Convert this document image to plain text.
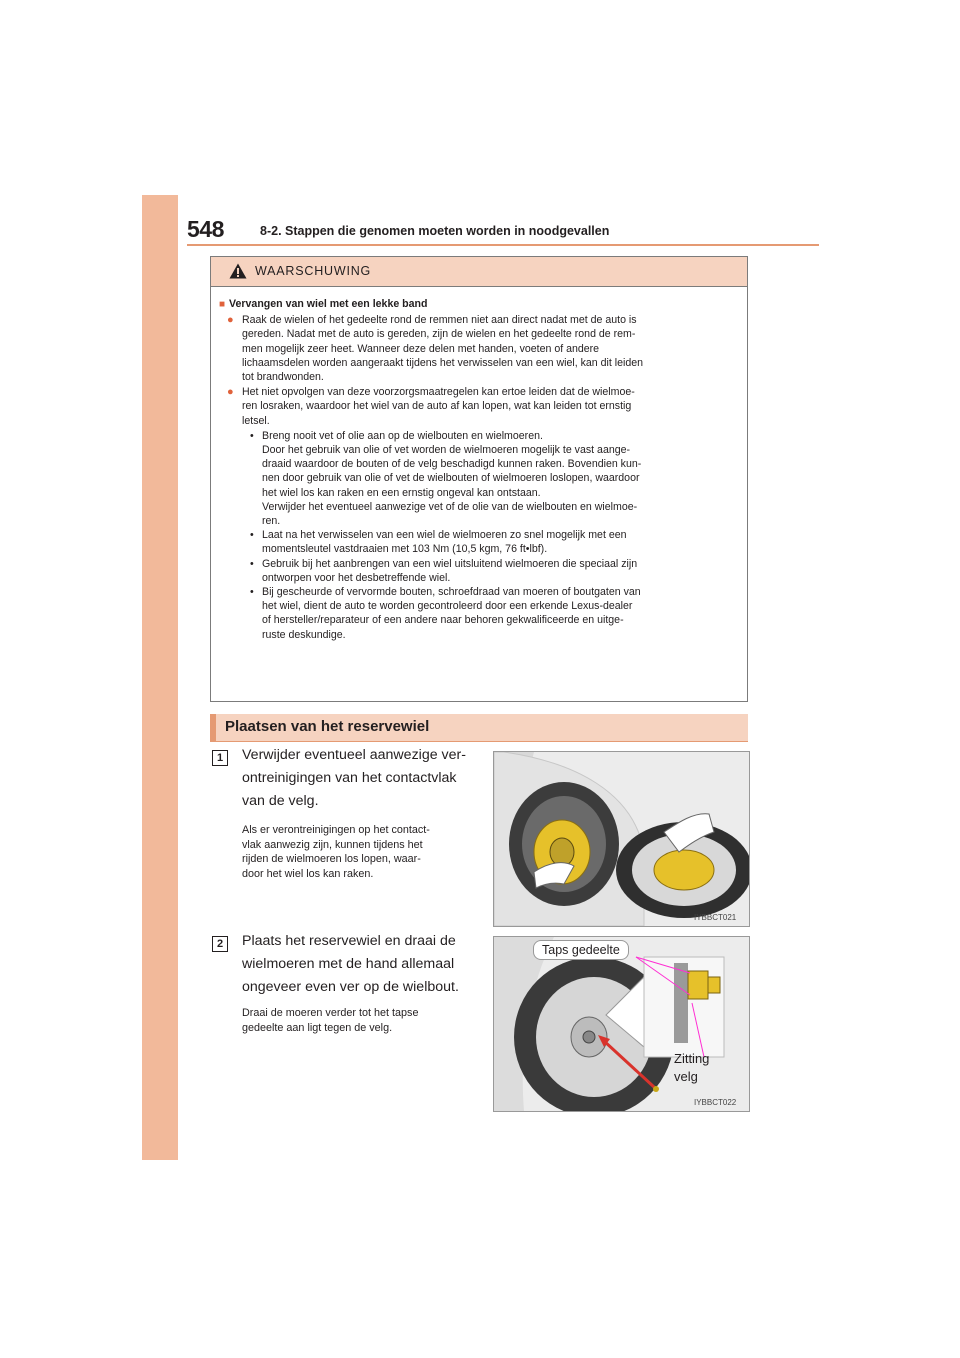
548	8-2. Stappen die genomen moeten worden in noodgevallen
WAARSCHUWING
■ Vervangen van wiel met een lekke band
● Raak de wielen of het gedeelte rond de remmen niet aan direct nadat met de auto is
gereden. Nadat met de auto is gereden, zijn de wielen en het gedeelte rond de rem-
men mogelijk zeer heet. Wanneer deze delen met handen, voeten of andere
lichaamsdelen worden aangeraakt tijdens het verwisselen van een wiel, kan dit leiden
tot brandwonden.
● Het niet opvolgen van deze voorzorgsmaatregelen kan ertoe leiden dat de wielmoe-
ren losraken, waardoor het wiel van de auto af kan lopen, wat kan leiden tot ernstig
letsel.
• Breng nooit vet of olie aan op de wielbouten en wielmoeren.
Door het gebruik van olie of vet worden de wielmoeren mogelijk te vast aange-
draaid waardoor de bouten of de velg beschadigd kunnen raken. Bovendien kun-
nen door gebruik van olie of vet de wielbouten of wielmoeren loslopen, waardoor
het wiel los kan raken en een ernstig ongeval kan ontstaan.
Verwijder het eventueel aanwezige vet of de olie van de wielbouten en wielmoe-
ren.
• Laat na het verwisselen van een wiel de wielmoeren zo snel mogelijk met een
momentsleutel vastdraaien met 103 Nm (10,5 kgm, 76 ft•lbf).
• Gebruik bij het aanbrengen van een wiel uitsluitend wielmoeren die speciaal zijn
ontworpen voor het desbetreffende wiel.
• Bij gescheurde of vervormde bouten, schroefdraad van moeren of boutgaten van
het wiel, dient de auto te worden gecontroleerd door een erkende Lexus-dealer
of hersteller/reparateur of een andere naar behoren gekwalificeerde en uitge-
ruste deskundige.
Plaatsen van het reservewiel
1	Verwijder eventueel aanwezige ver-
ontreinigingen van het contactvlak
van de velg.
Als er verontreinigingen op het contact-
vlak aanwezig zijn, kunnen tijdens het
rijden de wielmoeren los lopen, waar-
door het wiel los kan raken.
IYBBCT021
2	Plaats het reservewiel en draai de
wielmoeren met de hand allemaal
ongeveer even ver op de wielbout.
Draai de moeren verder tot het tapse
gedeelte aan ligt tegen de velg.
IYBBCT022
Taps gedeelte
Zitting
velg
